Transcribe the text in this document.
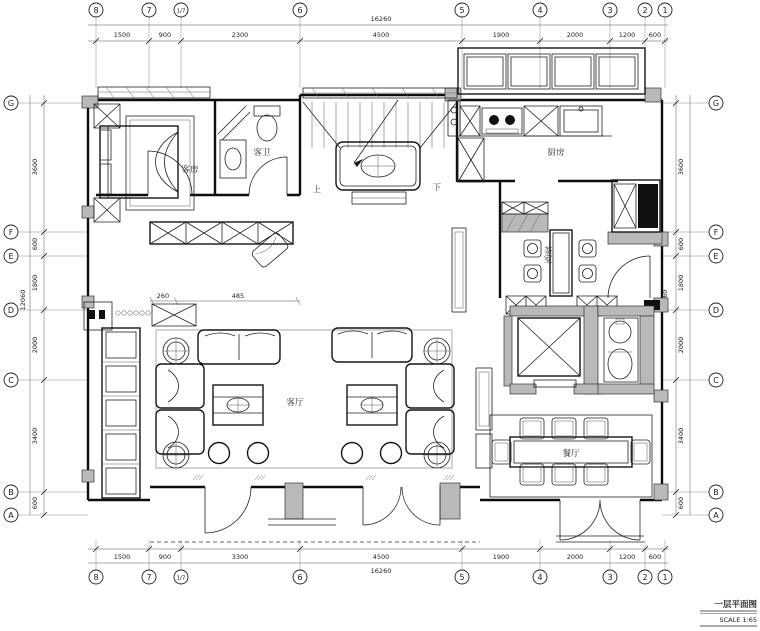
16260
1500	900	2300	4500	1900	2000	1200 600
1500	900	3300	4500	1900	2000	1200 600
16260
3600
600
1800
2000
3400
600
12060
3600
600
1800
2000
3400
600
260	485
8	7	1/7	6	5	4	3	2 1
8	7	1/7	6	5	4	3	2 1
G
F
E
D
C
B
A
G
F
E
D
C
B
A
客房
客卫	厨房
茶室
客厅
餐厅
上	下
一层平面图
SCALE 1:65
